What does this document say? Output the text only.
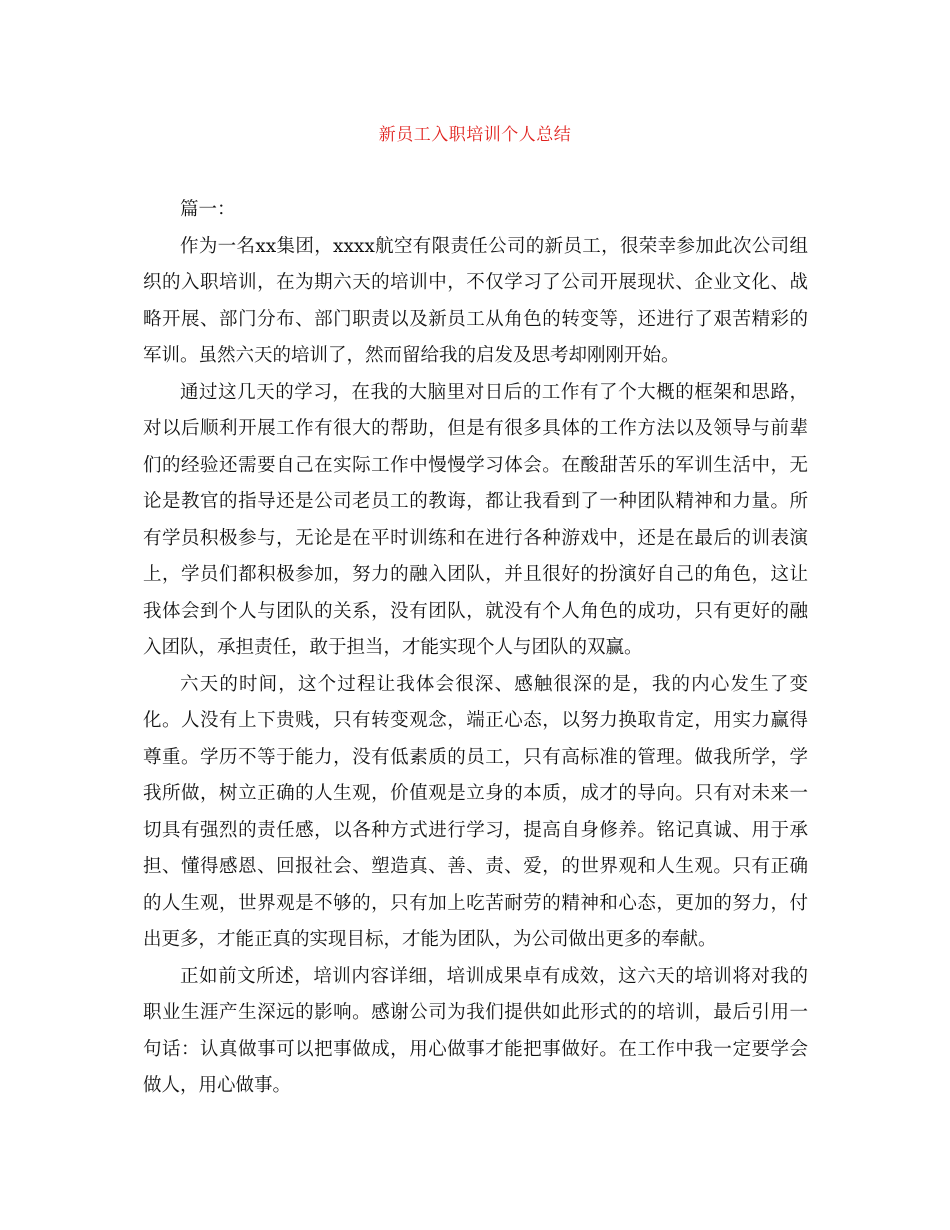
新员工入职培训个人总结

篇一：

作为一名xx集团，xxxx航空有限责任公司的新员工，很荣幸参加此次公司组织的入职培训，在为期六天的培训中，不仅学习了公司开展现状、企业文化、战略开展、部门分布、部门职责以及新员工从角色的转变等，还进行了艰苦精彩的军训。虽然六天的培训了，然而留给我的启发及思考却刚刚开始。

通过这几天的学习，在我的大脑里对日后的工作有了个大概的框架和思路，对以后顺利开展工作有很大的帮助，但是有很多具体的工作方法以及领导与前辈们的经验还需要自己在实际工作中慢慢学习体会。在酸甜苦乐的军训生活中，无论是教官的指导还是公司老员工的教诲，都让我看到了一种团队精神和力量。所有学员积极参与，无论是在平时训练和在进行各种游戏中，还是在最后的训表演上，学员们都积极参加，努力的融入团队，并且很好的扮演好自己的角色，这让我体会到个人与团队的关系，没有团队，就没有个人角色的成功，只有更好的融入团队，承担责任，敢于担当，才能实现个人与团队的双赢。

六天的时间，这个过程让我体会很深、感触很深的是，我的内心发生了变化。人没有上下贵贱，只有转变观念，端正心态，以努力换取肯定，用实力赢得尊重。学历不等于能力，没有低素质的员工，只有高标准的管理。做我所学，学我所做，树立正确的人生观，价值观是立身的本质，成才的导向。只有对未来一切具有强烈的责任感，以各种方式进行学习，提高自身修养。铭记真诚、用于承担、懂得感恩、回报社会、塑造真、善、责、爱，的世界观和人生观。只有正确的人生观，世界观是不够的，只有加上吃苦耐劳的精神和心态，更加的努力，付出更多，才能正真的实现目标，才能为团队，为公司做出更多的奉献。

正如前文所述，培训内容详细，培训成果卓有成效，这六天的培训将对我的职业生涯产生深远的影响。感谢公司为我们提供如此形式的的培训，最后引用一句话：认真做事可以把事做成，用心做事才能把事做好。在工作中我一定要学会做人，用心做事。
